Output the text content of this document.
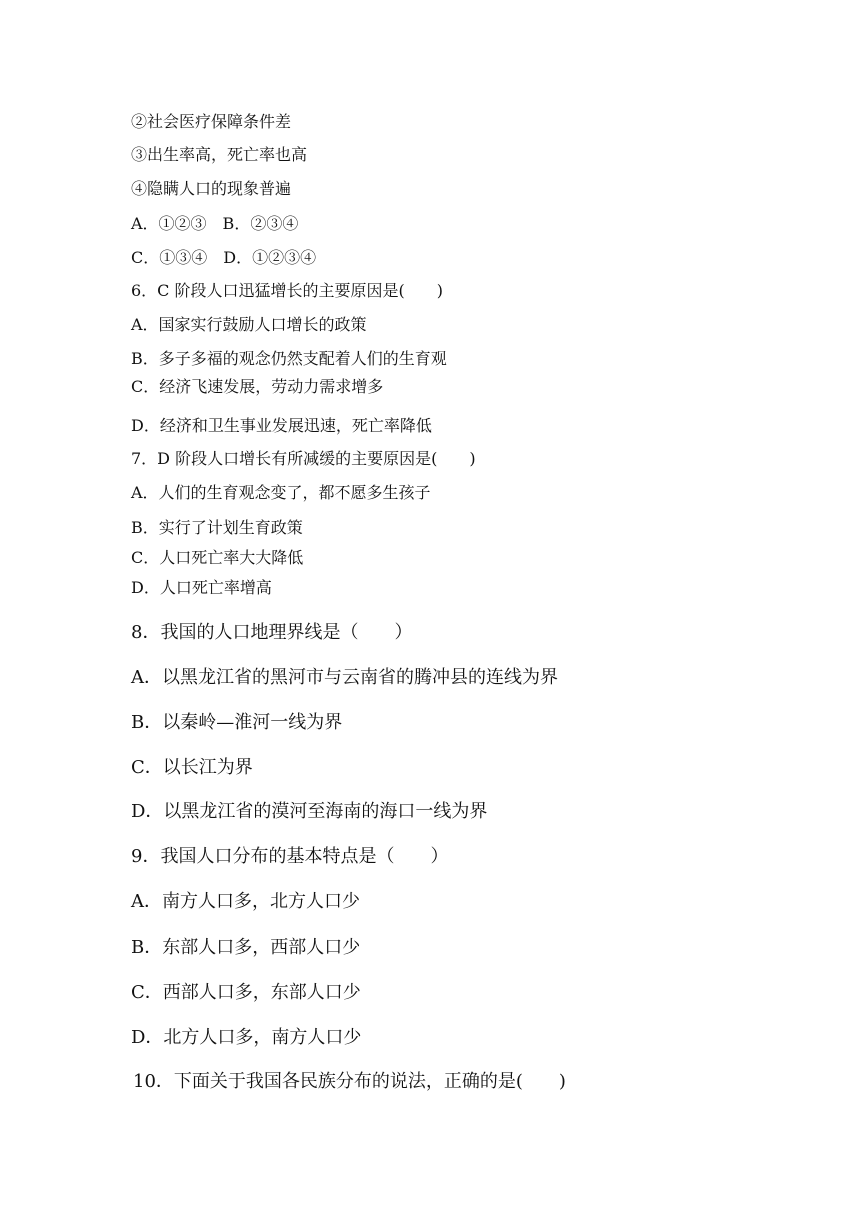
②社会医疗保障条件差
③出生率高，死亡率也高
④隐瞒人口的现象普遍
A．①②③　B．②③④
C．①③④　D．①②③④
6．C 阶段人口迅猛增长的主要原因是(　　)
A．国家实行鼓励人口增长的政策
B．多子多福的观念仍然支配着人们的生育观
C．经济飞速发展，劳动力需求增多
D．经济和卫生事业发展迅速，死亡率降低
7．D 阶段人口增长有所减缓的主要原因是(　　)
A．人们的生育观念变了，都不愿多生孩子
B．实行了计划生育政策
C．人口死亡率大大降低
D．人口死亡率增高
8．我国的人口地理界线是（　　）
A．以黑龙江省的黑河市与云南省的腾冲县的连线为界
B．以秦岭—淮河一线为界
C．以长江为界
D．以黑龙江省的漠河至海南的海口一线为界
9．我国人口分布的基本特点是（　　）
A．南方人口多，北方人口少
B．东部人口多，西部人口少
C．西部人口多，东部人口少
D．北方人口多，南方人口少
10．下面关于我国各民族分布的说法，正确的是(　　)
